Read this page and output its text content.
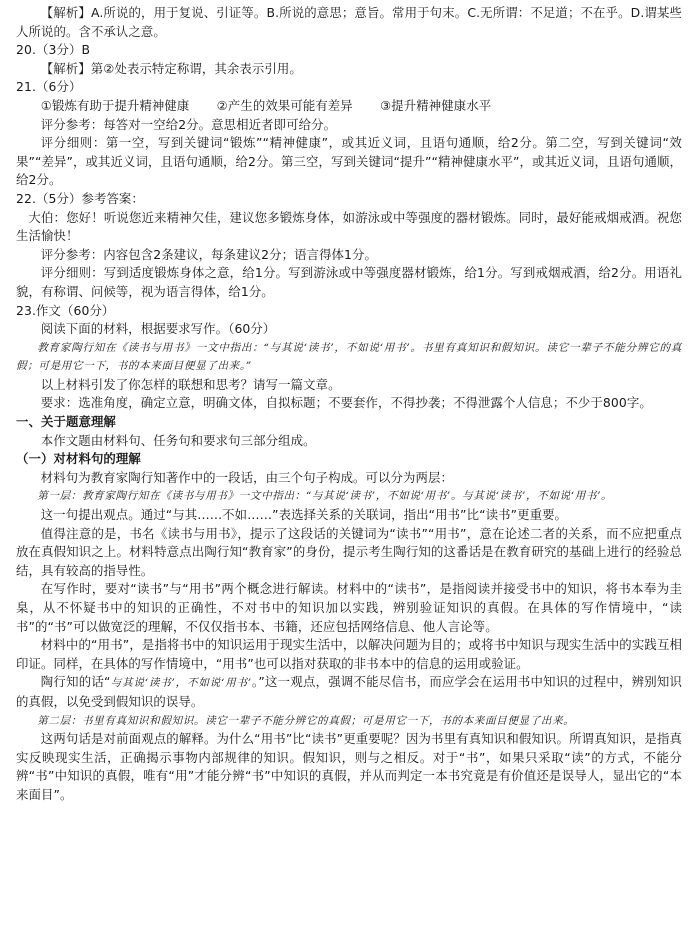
【解析】A.所说的，用于复说、引证等。B.所说的意思；意旨。常用于句末。C.无所谓：不足道；不在乎。D.谓某些人所说的。含不承认之意。

20.（3分）B

【解析】第②处表示特定称谓，其余表示引用。

21.（6分）

①锻炼有助于提升精神健康 ②产生的效果可能有差异 ③提升精神健康水平

评分参考：每答对一空给2分。意思相近者即可给分。

评分细则：第一空，写到关键词“锻炼”“精神健康”，或其近义词，且语句通顺，给2分。第二空，写到关键词“效果”“差异”，或其近义词，且语句通顺，给2分。第三空，写到关键词“提升”“精神健康水平”，或其近义词，且语句通顺，给2分。

22.（5分）参考答案：

大伯：您好！听说您近来精神欠佳，建议您多锻炼身体，如游泳或中等强度的器材锻炼。同时，最好能戒烟戒酒。祝您生活愉快！

评分参考：内容包含2条建议，每条建议2分；语言得体1分。

评分细则：写到适度锻炼身体之意，给1分。写到游泳或中等强度器材锻炼，给1分。写到戒烟戒酒，给2分。用语礼貌，有称谓、问候等，视为语言得体，给1分。

23.作文（60分）

阅读下面的材料，根据要求写作。（60分）

教育家陶行知在《读书与用书》一文中指出：“与其说‘读书’，不如说‘用书’。书里有真知识和假知识。读它一辈子不能分辨它的真假；可是用它一下，书的本来面目便显了出来。”

以上材料引发了你怎样的联想和思考？请写一篇文章。

要求：选准角度，确定立意，明确文体，自拟标题；不要套作，不得抄袭；不得泄露个人信息；不少于800字。

一、关于题意理解

本作文题由材料句、任务句和要求句三部分组成。

（一）对材料句的理解

材料句为教育家陶行知著作中的一段话，由三个句子构成。可以分为两层：

第一层：教育家陶行知在《读书与用书》一文中指出：“与其说‘读书’，不如说‘用书’。与其说‘读书’，不如说‘用书’。

这一句提出观点。通过“与其……不如……”表选择关系的关联词，指出“用书”比“读书”更重要。

值得注意的是，书名《读书与用书》，提示了这段话的关键词为“读书”“用书”，意在论述二者的关系，而不应把重点放在真假知识之上。材料特意点出陶行知“教育家”的身份，提示考生陶行知的这番话是在教育研究的基础上进行的经验总结，具有较高的指导性。

在写作时，要对“读书”与“用书”两个概念进行解读。材料中的“读书”，是指阅读并接受书中的知识，将书本奉为圭臬，从不怀疑书中的知识的正确性，不对书中的知识加以实践，辨别验证知识的真假。在具体的写作情境中，“读书”的“书”可以做宽泛的理解，不仅仅指书本、书籍，还应包括网络信息、他人言论等。

材料中的“用书”，是指将书中的知识运用于现实生活中，以解决问题为目的；或将书中知识与现实生活中的实践互相印证。同样，在具体的写作情境中，“用书”也可以指对获取的非书本中的信息的运用或验证。

陶行知的话“与其说‘读书’，不如说‘用书’。”这一观点，强调不能尽信书，而应学会在运用书中知识的过程中，辨别知识的真假，以免受到假知识的误导。

第二层：书里有真知识和假知识。读它一辈子不能分辨它的真假；可是用它一下，书的本来面目便显了出来。

这两句话是对前面观点的解释。为什么“用书”比“读书”更重要呢？因为书里有真知识和假知识。所谓真知识，是指真实反映现实生活，正确揭示事物内部规律的知识。假知识，则与之相反。对于“书”，如果只采取“读”的方式，不能分辨“书”中知识的真假，唯有“用”才能分辨“书”中知识的真假，并从而判定一本书究竟是有价值还是误导人，显出它的“本来面目”。
